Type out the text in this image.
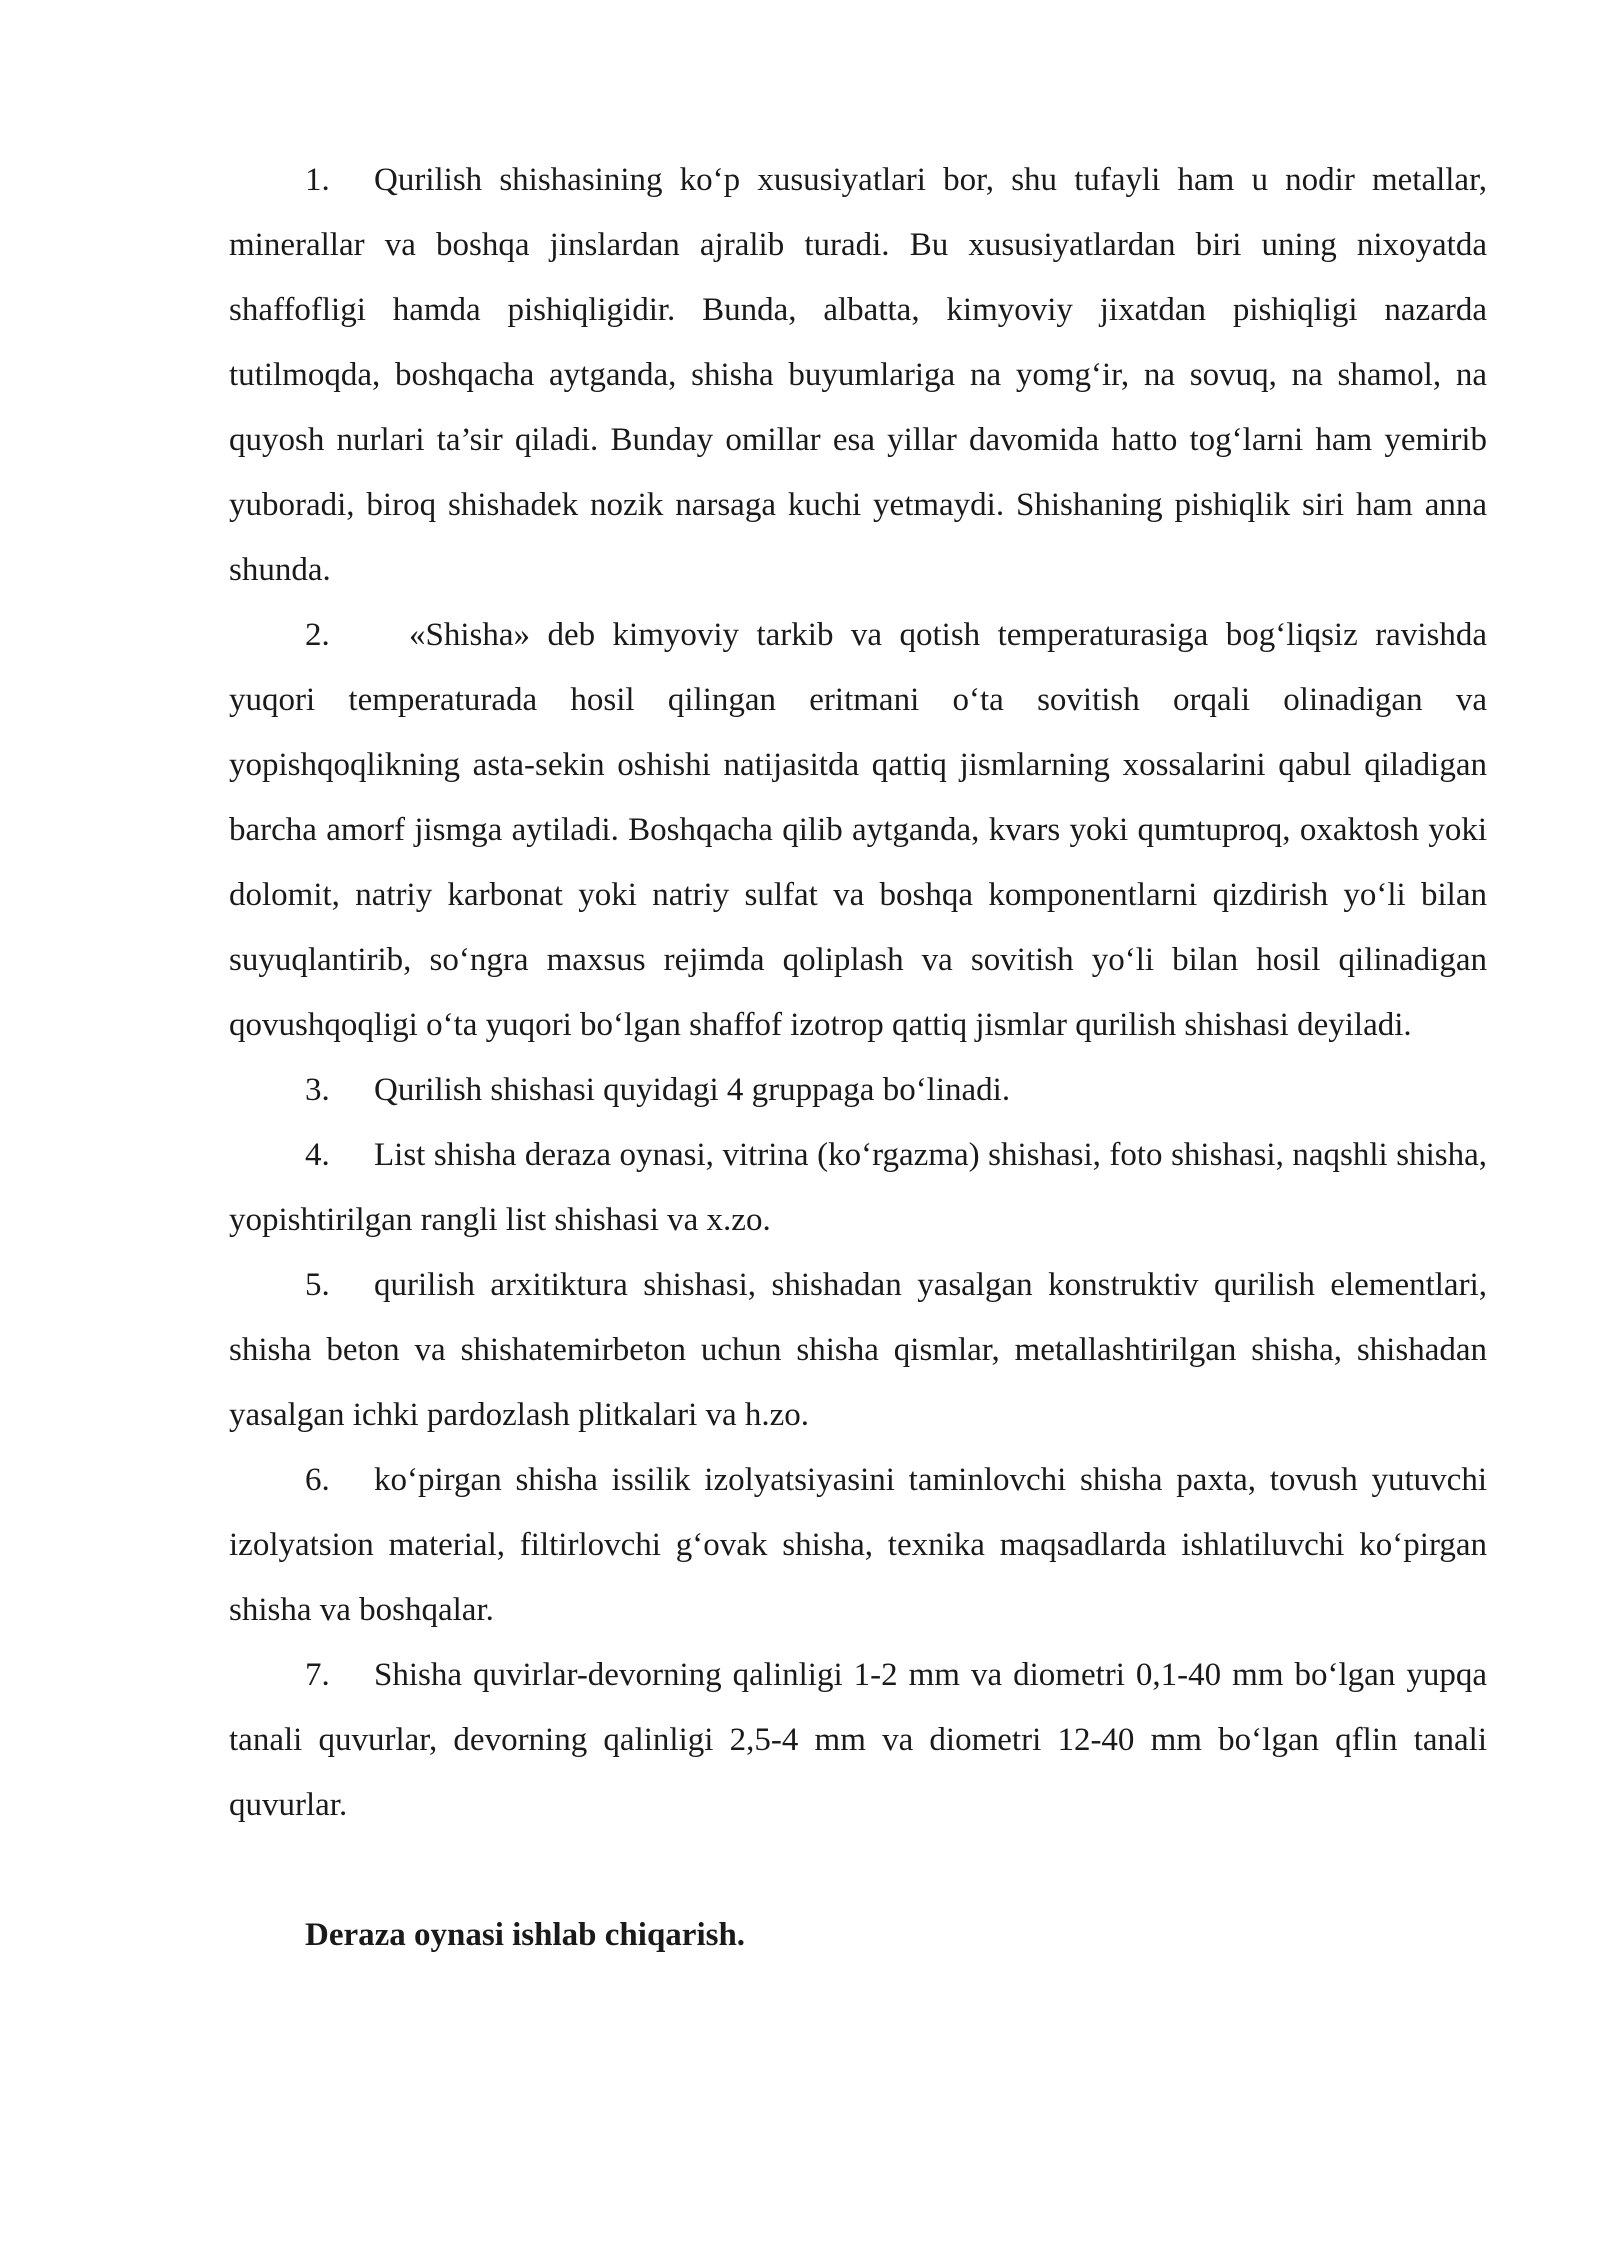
1. Qurilish shishasining ko‘p xususiyatlari bor, shu tufayli ham u nodir metallar, minerallar va boshqa jinslardan ajralib turadi. Bu xususiyatlardan biri uning nixoyatda shaffofligi hamda pishiqligidir. Bunda, albatta, kimyoviy jixatdan pishiqligi nazarda tutilmoqda, boshqacha aytganda, shisha buyumlariga na yomg‘ir, na sovuq, na shamol, na quyosh nurlari ta’sir qiladi. Bunday omillar esa yillar davomida hatto tog‘larni ham yemirib yuboradi, biroq shishadek nozik narsaga kuchi yetmaydi. Shishaning pishiqlik siri ham anna shunda.

2. «Shisha» deb kimyoviy tarkib va qotish temperaturasiga bog‘liqsiz ravishda yuqori temperaturada hosil qilingan eritmani o‘ta sovitish orqali olinadigan va yopishqoqlikning asta-sekin oshishi natijasitda qattiq jismlarning xossalarini qabul qiladigan barcha amorf jismga aytiladi. Boshqacha qilib aytganda, kvars yoki qumtuproq, oxaktosh yoki dolomit, natriy karbonat yoki natriy sulfat va boshqa komponentlarni qizdirish yo‘li bilan suyuqlantirib, so‘ngra maxsus rejimda qoliplash va sovitish yo‘li bilan hosil qilinadigan qovushqoqligi o‘ta yuqori bo‘lgan shaffof izotrop qattiq jismlar qurilish shishasi deyiladi.

3. Qurilish shishasi quyidagi 4 gruppaga bo‘linadi.

4. List shisha deraza oynasi, vitrina (ko‘rgazma) shishasi, foto shishasi, naqshli shisha, yopishtirilgan rangli list shishasi va x.zo.

5. qurilish arxitiktura shishasi, shishadan yasalgan konstruktiv qurilish elementlari, shisha beton va shishatemirbeton uchun shisha qismlar, metallashtirilgan shisha, shishadan yasalgan ichki pardozlash plitkalari va h.zo.

6. ko‘pirgan shisha issilik izolyatsiyasini taminlovchi shisha paxta, tovush yutuvchi izolyatsion material, filtirlovchi g‘ovak shisha, texnika maqsadlarda ishlatiluvchi ko‘pirgan shisha va boshqalar.

7. Shisha quvirlar-devorning qalinligi 1-2 mm va diometri 0,1-40 mm bo‘lgan yupqa tanali quvurlar, devorning qalinligi 2,5-4 mm va diometri 12-40 mm bo‘lgan qflin tanali quvurlar.

Deraza oynasi ishlab chiqarish.
